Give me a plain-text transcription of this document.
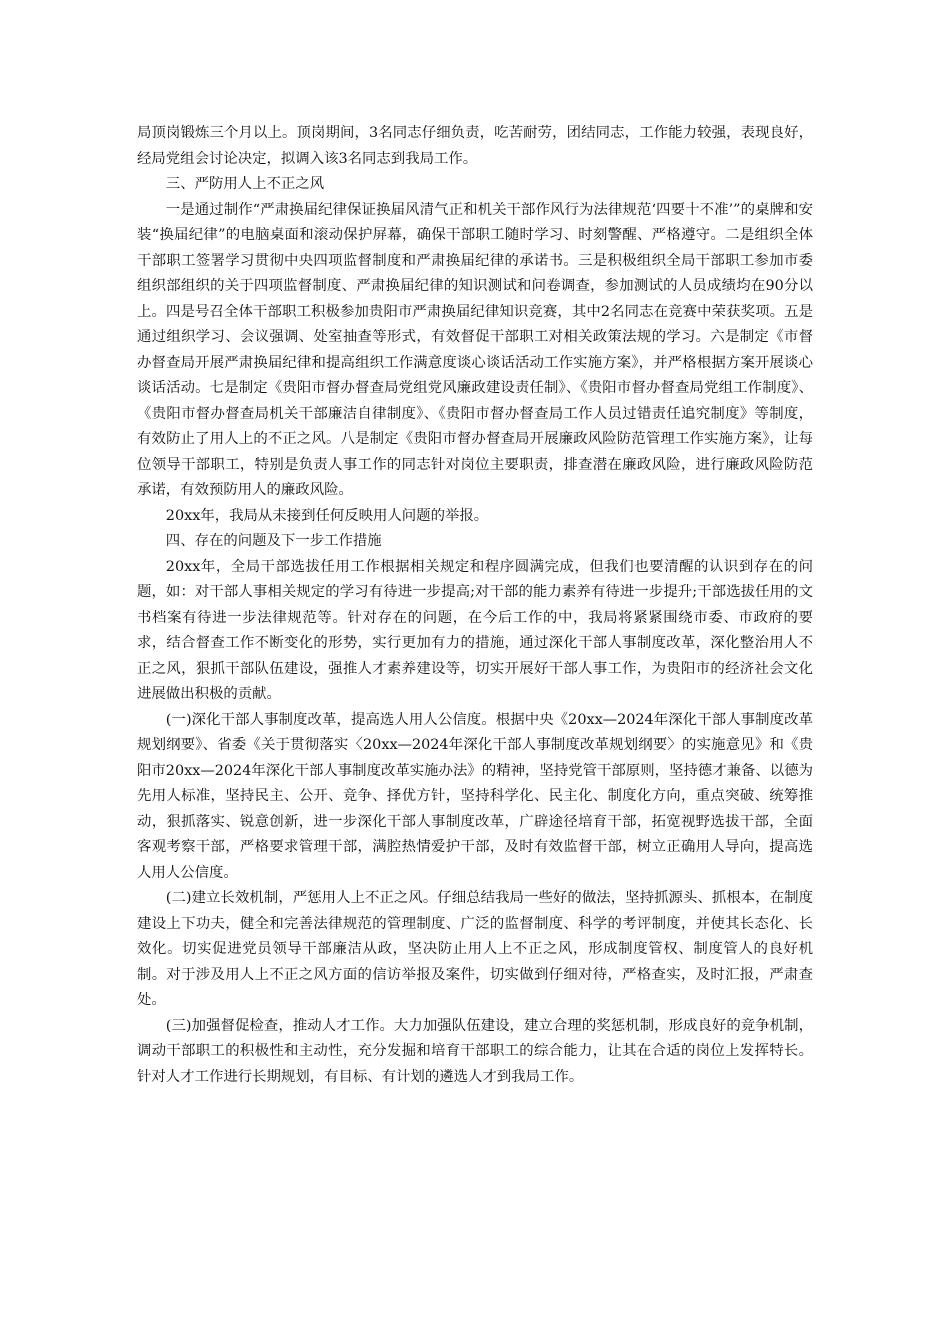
局顶岗锻炼三个月以上。顶岗期间，3名同志仔细负责，吃苦耐劳，团结同志，工作能力较强，表现良好，经局党组会讨论决定，拟调入该3名同志到我局工作。

三、严防用人上不正之风

一是通过制作“严肃换届纪律保证换届风清气正和机关干部作风行为法律规范‘四要十不准’”的桌牌和安装“换届纪律”的电脑桌面和滚动保护屏幕，确保干部职工随时学习、时刻警醒、严格遵守。二是组织全体干部职工签署学习贯彻中央四项监督制度和严肃换届纪律的承诺书。三是积极组织全局干部职工参加市委组织部组织的关于四项监督制度、严肃换届纪律的知识测试和问卷调查，参加测试的人员成绩均在90分以上。四是号召全体干部职工积极参加贵阳市严肃换届纪律知识竞赛，其中2名同志在竞赛中荣获奖项。五是通过组织学习、会议强调、处室抽查等形式，有效督促干部职工对相关政策法规的学习。六是制定《市督办督查局开展严肃换届纪律和提高组织工作满意度谈心谈话活动工作实施方案》，并严格根据方案开展谈心谈话活动。七是制定《贵阳市督办督查局党组党风廉政建设责任制》、《贵阳市督办督查局党组工作制度》、《贵阳市督办督查局机关干部廉洁自律制度》、《贵阳市督办督查局工作人员过错责任追究制度》等制度，有效防止了用人上的不正之风。八是制定《贵阳市督办督查局开展廉政风险防范管理工作实施方案》，让每位领导干部职工，特别是负责人事工作的同志针对岗位主要职责，排查潜在廉政风险，进行廉政风险防范承诺，有效预防用人的廉政风险。

20xx年，我局从未接到任何反映用人问题的举报。

四、存在的问题及下一步工作措施

20xx年，全局干部选拔任用工作根据相关规定和程序圆满完成，但我们也要清醒的认识到存在的问题，如：对干部人事相关规定的学习有待进一步提高;对干部的能力素养有待进一步提升;干部选拔任用的文书档案有待进一步法律规范等。针对存在的问题，在今后工作的中，我局将紧紧围绕市委、市政府的要求，结合督查工作不断变化的形势，实行更加有力的措施，通过深化干部人事制度改革，深化整治用人不正之风，狠抓干部队伍建设，强推人才素养建设等，切实开展好干部人事工作，为贵阳市的经济社会文化进展做出积极的贡献。

(一)深化干部人事制度改革，提高选人用人公信度。根据中央《20xx—2024年深化干部人事制度改革规划纲要》、省委《关于贯彻落实〈20xx—2024年深化干部人事制度改革规划纲要〉的实施意见》和《贵阳市20xx—2024年深化干部人事制度改革实施办法》的精神，坚持党管干部原则，坚持德才兼备、以德为先用人标准，坚持民主、公开、竞争、择优方针，坚持科学化、民主化、制度化方向，重点突破、统筹推动，狠抓落实、锐意创新，进一步深化干部人事制度改革，广辟途径培育干部，拓宽视野选拔干部，全面客观考察干部，严格要求管理干部，满腔热情爱护干部，及时有效监督干部，树立正确用人导向，提高选人用人公信度。

(二)建立长效机制，严惩用人上不正之风。仔细总结我局一些好的做法，坚持抓源头、抓根本，在制度建设上下功夫，健全和完善法律规范的管理制度、广泛的监督制度、科学的考评制度，并使其长态化、长效化。切实促进党员领导干部廉洁从政，坚决防止用人上不正之风，形成制度管权、制度管人的良好机制。对于涉及用人上不正之风方面的信访举报及案件，切实做到仔细对待，严格查实，及时汇报，严肃查处。

(三)加强督促检查，推动人才工作。大力加强队伍建设，建立合理的奖惩机制，形成良好的竞争机制，调动干部职工的积极性和主动性，充分发掘和培育干部职工的综合能力，让其在合适的岗位上发挥特长。针对人才工作进行长期规划，有目标、有计划的遴选人才到我局工作。
